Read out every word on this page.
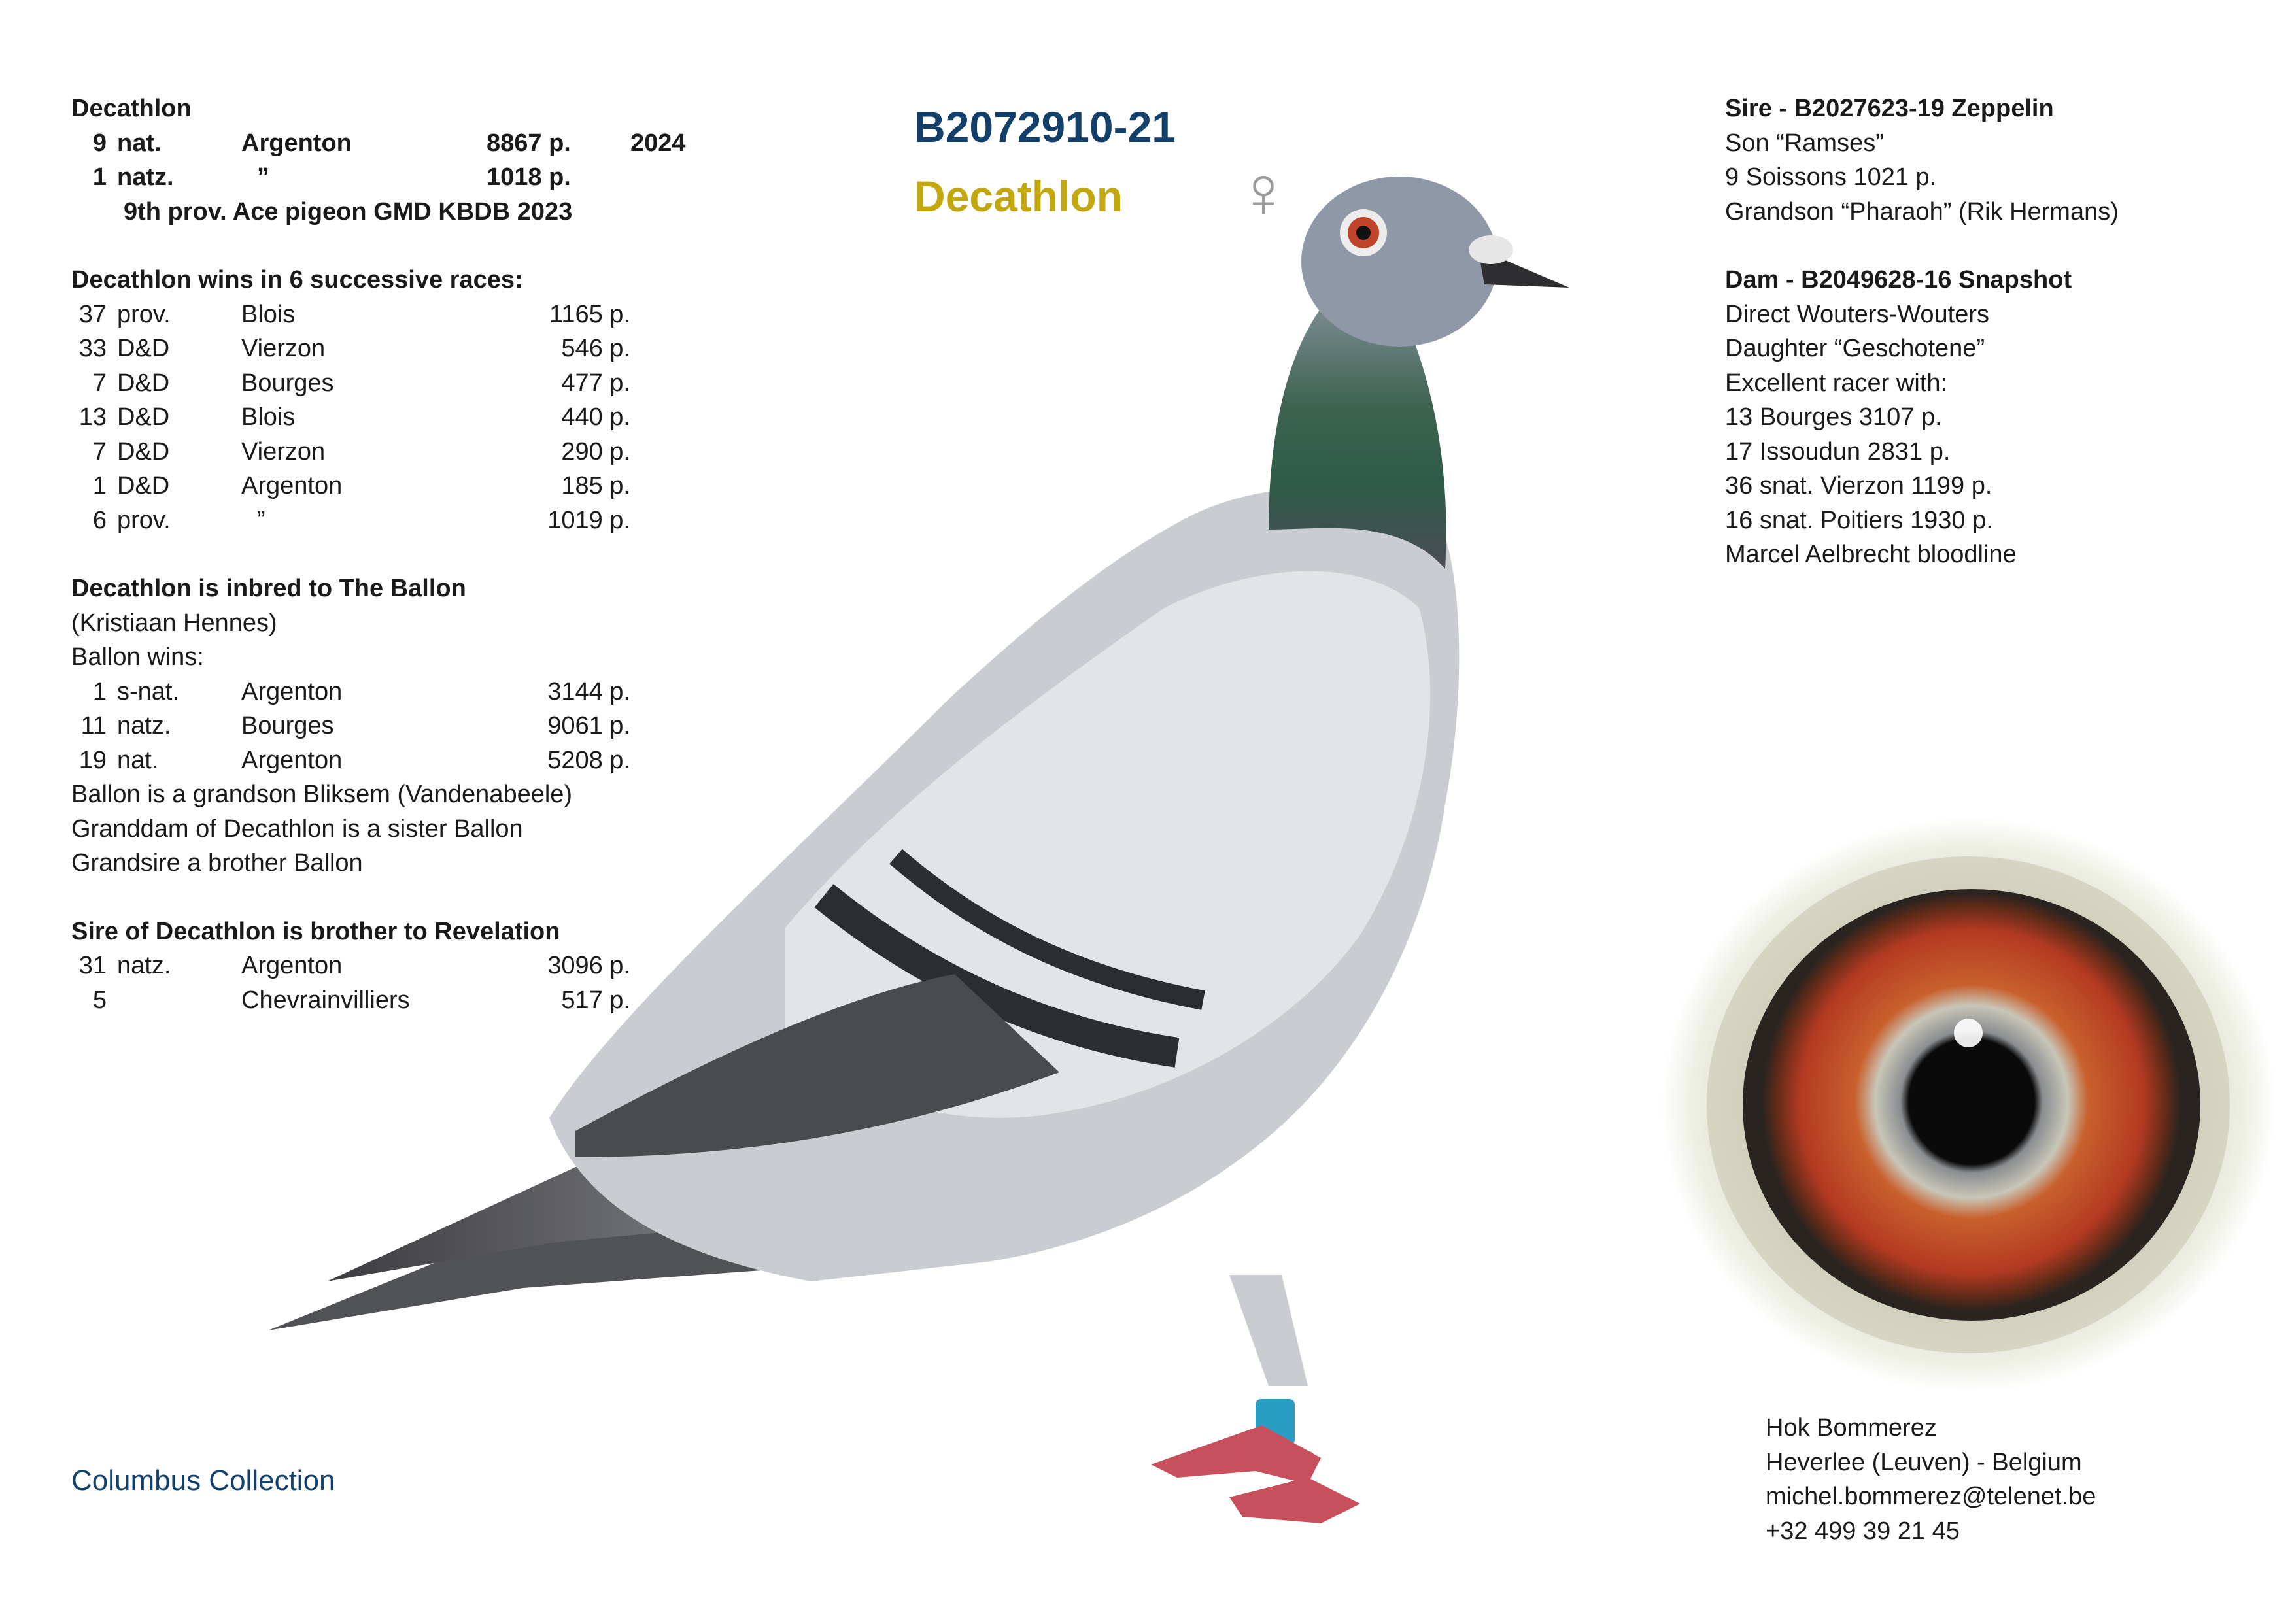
Decathlon
9 nat.	Argenton	8867 p.	2024
1 natz.	”	1018 p.
9th prov. Ace pigeon GMD KBDB 2023
Decathlon wins in 6 successive races:
37 prov.	Blois	1165 p.
33 D&D	Vierzon	546 p.
7 D&D	Bourges	477 p.
13 D&D	Blois	440 p.
7 D&D	Vierzon	290 p.
1 D&D	Argenton	185 p.
6 prov.	”	1019 p.
Decathlon is inbred to The Ballon
(Kristiaan Hennes)
Ballon wins:
1 s-nat.	Argenton	3144 p.
11 natz.	Bourges	9061 p.
19 nat.	Argenton	5208 p.
Ballon is a grandson Bliksem (Vandenabeele)
Granddam of Decathlon is a sister Ballon
Grandsire a brother Ballon
Sire of Decathlon is brother to Revelation
31 natz.	Argenton	3096 p.
5	Chevrainvilliers	517 p.
B2072910-21
Decathlon ♀
Sire - B2027623-19 Zeppelin
Son “Ramses”
9 Soissons 1021 p.
Grandson “Pharaoh” (Rik Hermans)
Dam - B2049628-16 Snapshot
Direct Wouters-Wouters
Daughter “Geschotene”
Excellent racer with:
13 Bourges 3107 p.
17 Issoudun 2831 p.
36 snat. Vierzon 1199 p.
16 snat. Poitiers 1930 p.
Marcel Aelbrecht bloodline
Hok Bommerez
Heverlee (Leuven) - Belgium
michel.bommerez@telenet.be
+32 499 39 21 45
Columbus Collection
